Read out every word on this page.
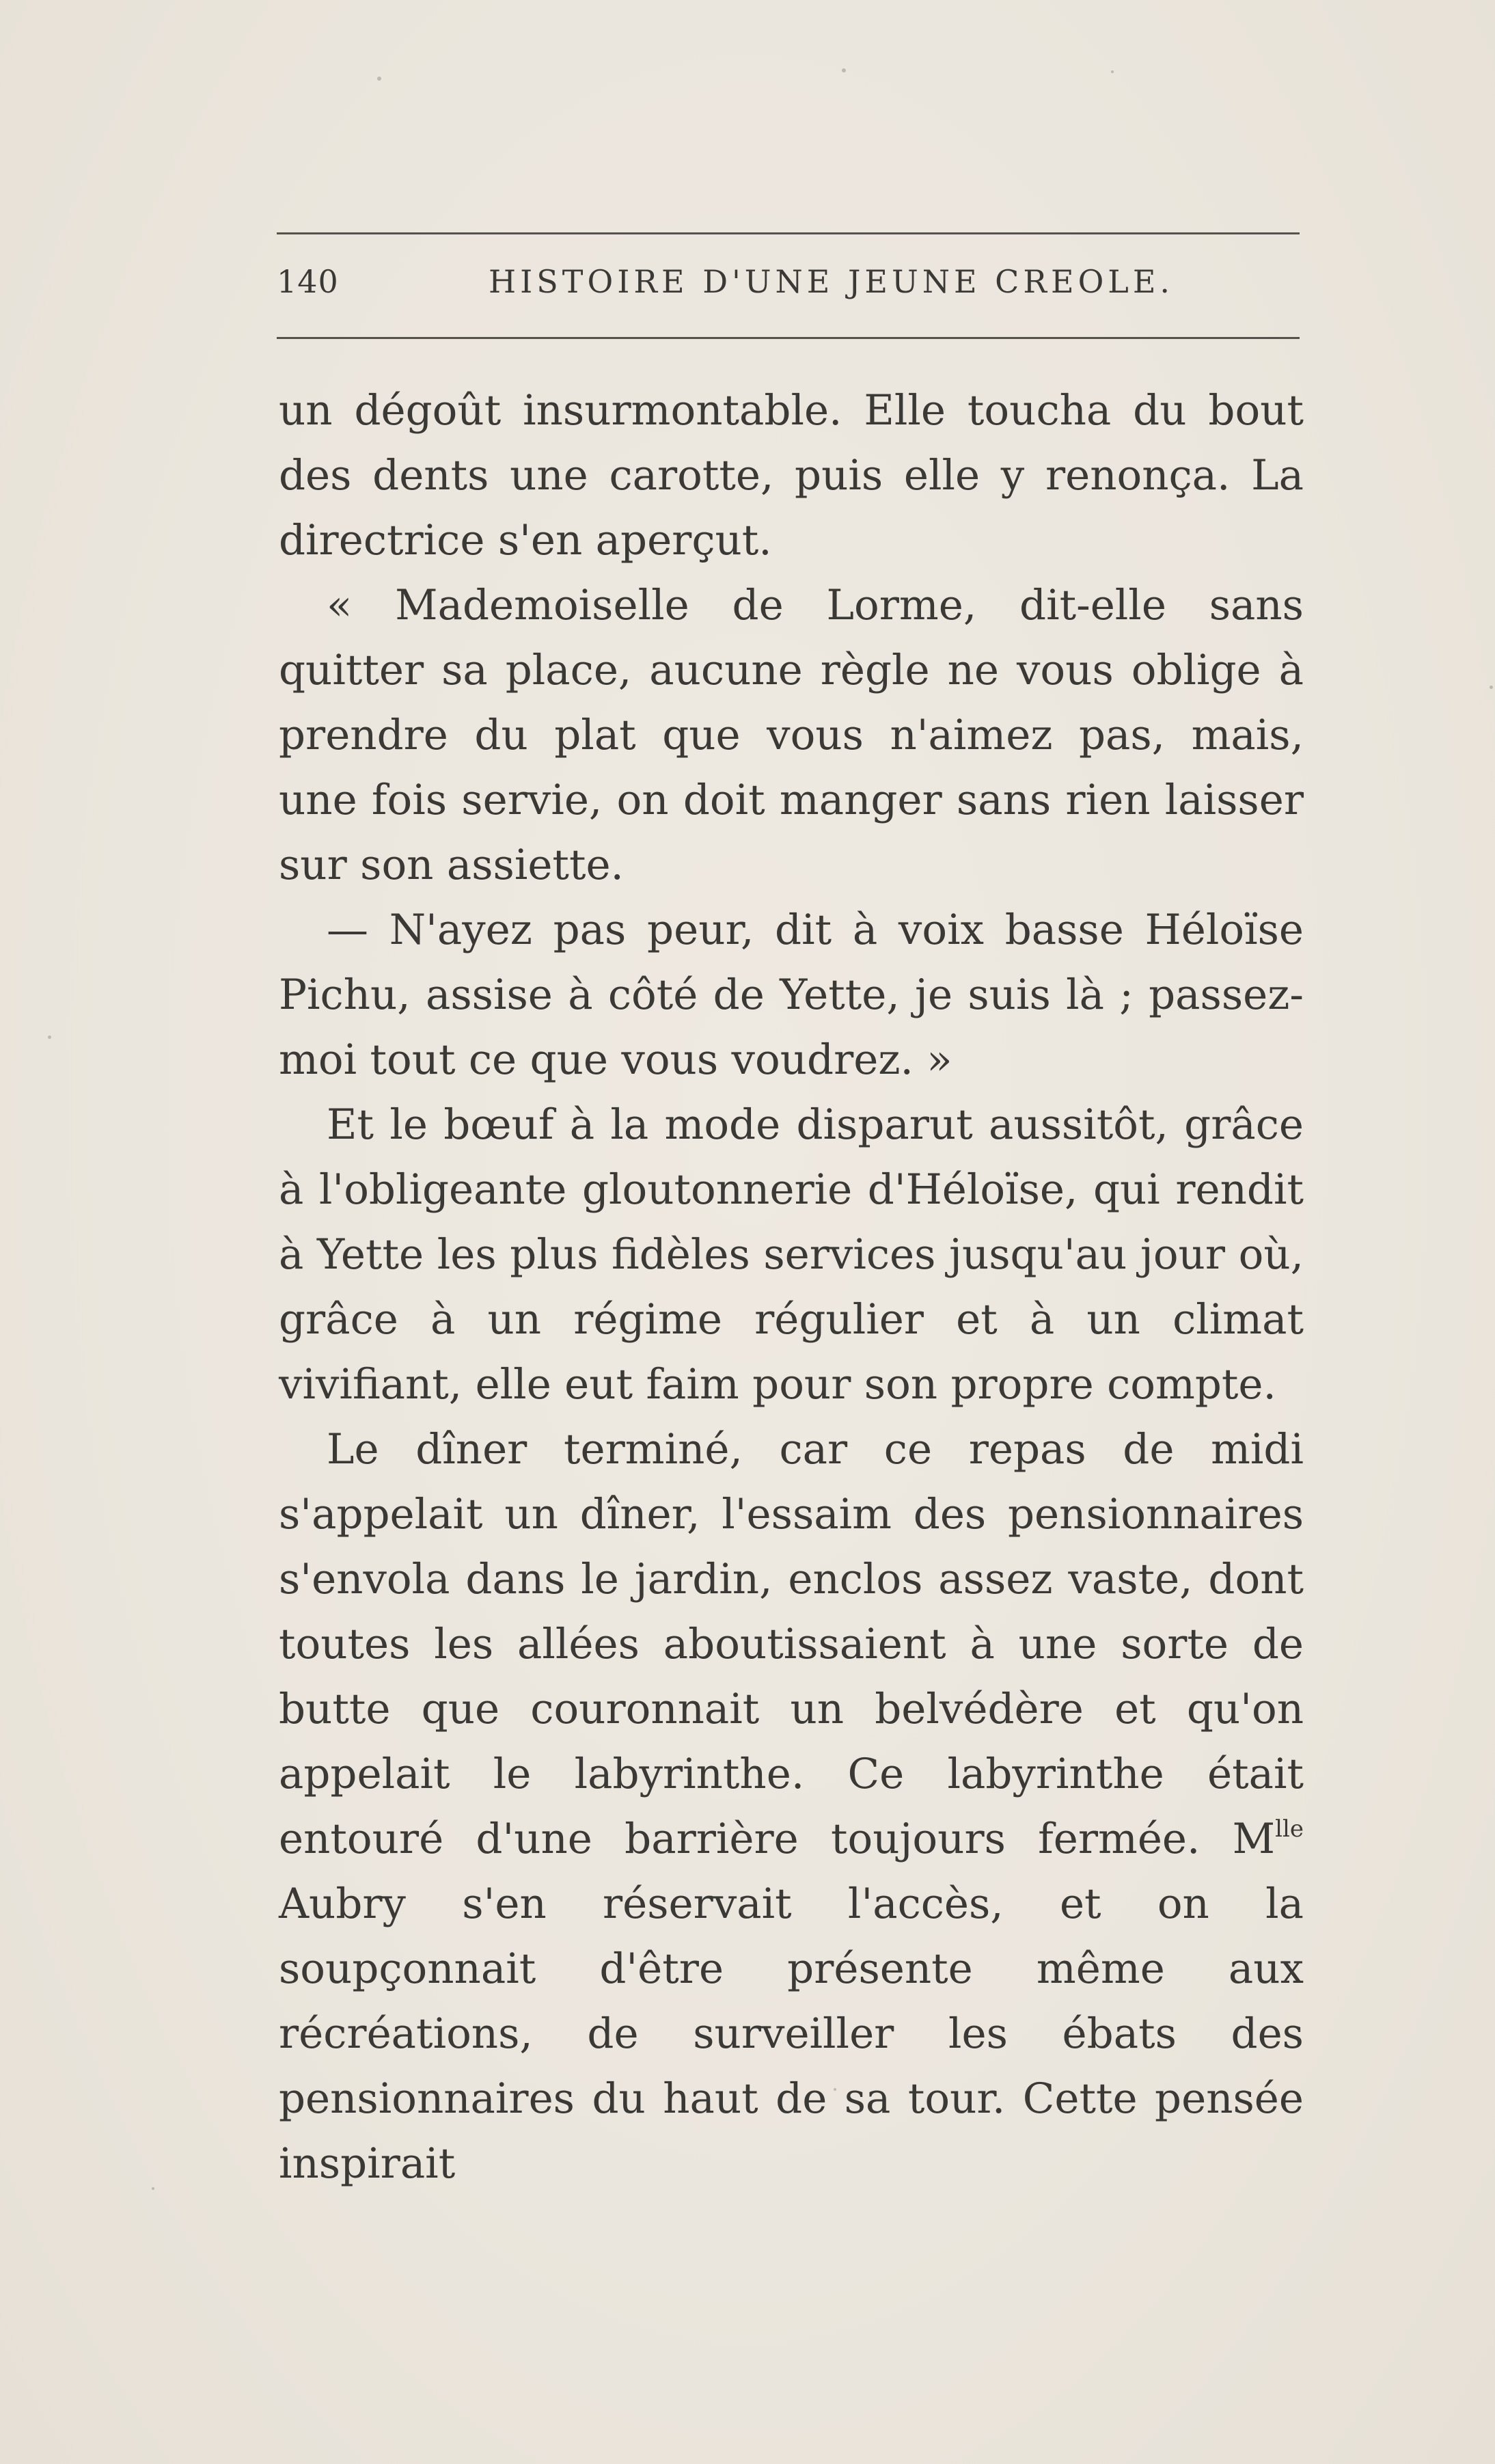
140	HISTOIRE D'UNE JEUNE CREOLE.

un dégoût insurmontable. Elle toucha du bout des dents une carotte, puis elle y renonça. La directrice s'en aperçut.

« Mademoiselle de Lorme, dit-elle sans quitter sa place, aucune règle ne vous oblige à prendre du plat que vous n'aimez pas, mais, une fois servie, on doit manger sans rien laisser sur son assiette.

— N'ayez pas peur, dit à voix basse Héloïse Pichu, assise à côté de Yette, je suis là ; passez-moi tout ce que vous voudrez. »

Et le bœuf à la mode disparut aussitôt, grâce à l'obligeante gloutonnerie d'Héloïse, qui rendit à Yette les plus fidèles services jusqu'au jour où, grâce à un régime régulier et à un climat vivifiant, elle eut faim pour son propre compte.

Le dîner terminé, car ce repas de midi s'appelait un dîner, l'essaim des pensionnaires s'envola dans le jardin, enclos assez vaste, dont toutes les allées aboutissaient à une sorte de butte que couronnait un belvédère et qu'on appelait le labyrinthe. Ce labyrinthe était entouré d'une barrière toujours fermée. $M^{lle}$ Aubry s'en réservait l'accès, et on la soupçonnait d'être présente même aux récréations, de surveiller les ébats des pensionnaires du haut de sa tour. Cette pensée inspirait
